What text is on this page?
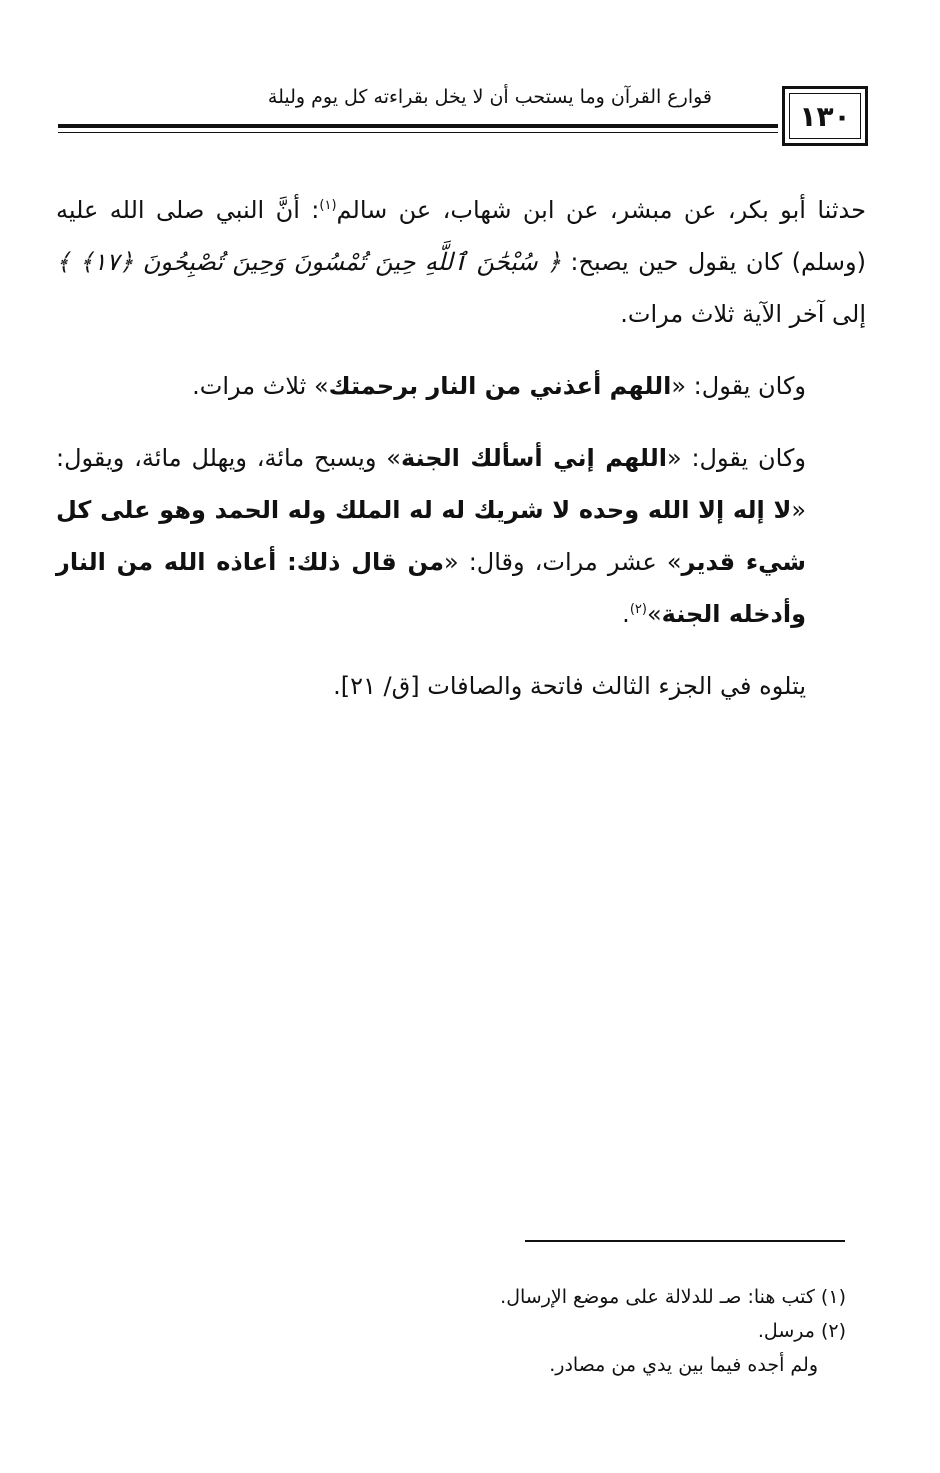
١٣٠
قوارع القرآن وما يستحب أن لا يخل بقراءته كل يوم وليلة

حدثنا أبو بكر، عن مبشر، عن ابن شهاب، عن سالم$^{(١)}$: أنَّ النبي صلى الله عليه (وسلم) كان يقول حين يصبح: ﴿ سُبْحَٰنَ ٱللَّهِ حِينَ تُمْسُونَ وَحِينَ تُصْبِحُونَ ﴿١٧﴾ ﴾ إلى آخر الآية ثلاث مرات.

وكان يقول: «اللهم أعذني من النار برحمتك» ثلاث مرات.

وكان يقول: «اللهم إني أسألك الجنة» ويسبح مائة، ويهلل مائة، ويقول: «لا إله إلا الله وحده لا شريك له له الملك وله الحمد وهو على كل شيء قدير» عشر مرات، وقال: «من قال ذلك: أعاذه الله من النار وأدخله الجنة»$^{(٢)}$.

يتلوه في الجزء الثالث فاتحة والصافات [ق/ ٢١].

(١) كتب هنا: صـ للدلالة على موضع الإرسال.

(٢) مرسل.

ولم أجده فيما بين يدي من مصادر.
